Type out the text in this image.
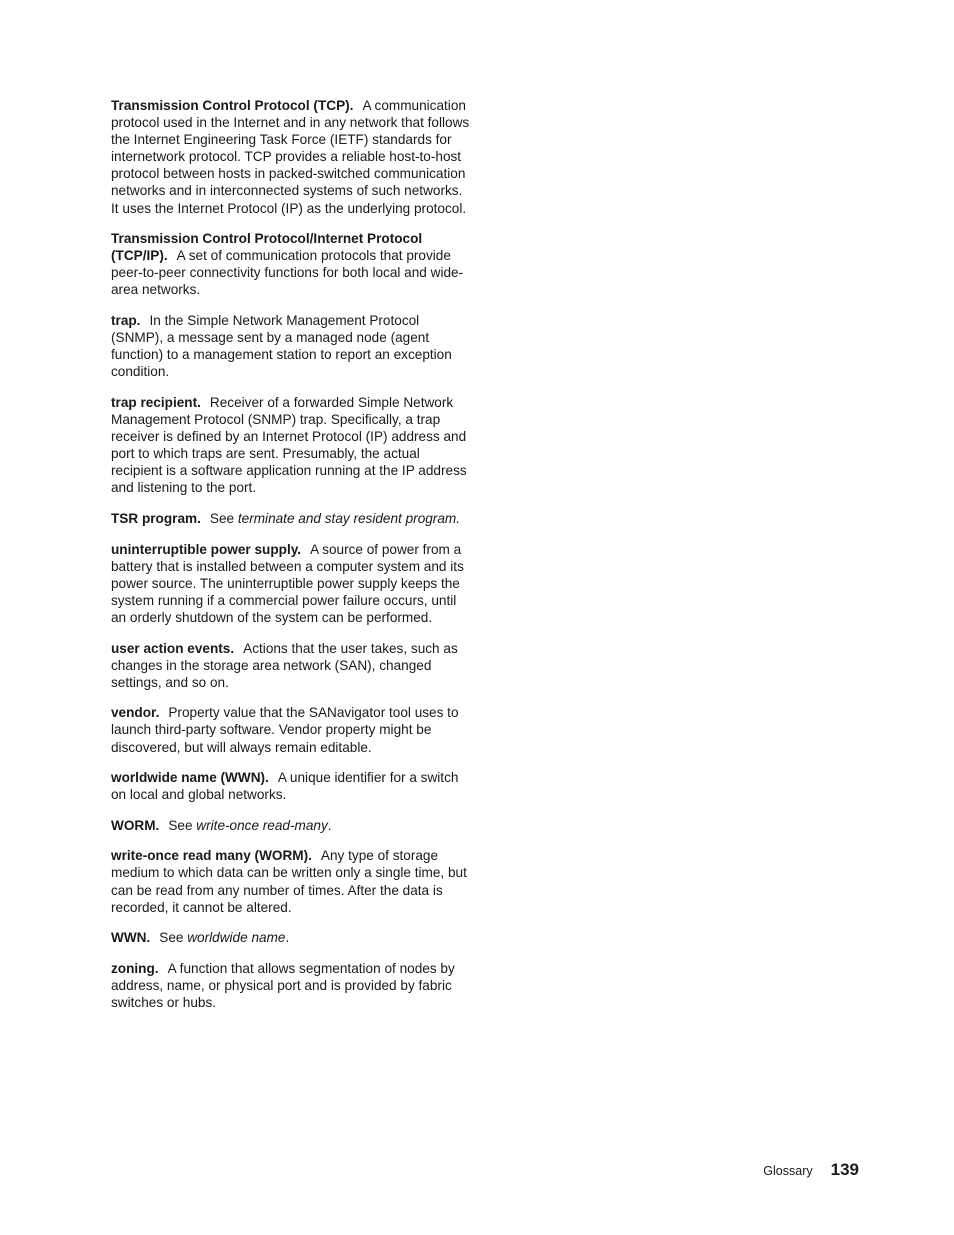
Transmission Control Protocol (TCP). A communication protocol used in the Internet and in any network that follows the Internet Engineering Task Force (IETF) standards for internetwork protocol. TCP provides a reliable host-to-host protocol between hosts in packed-switched communication networks and in interconnected systems of such networks. It uses the Internet Protocol (IP) as the underlying protocol.

Transmission Control Protocol/Internet Protocol (TCP/IP). A set of communication protocols that provide peer-to-peer connectivity functions for both local and wide-area networks.

trap. In the Simple Network Management Protocol (SNMP), a message sent by a managed node (agent function) to a management station to report an exception condition.

trap recipient. Receiver of a forwarded Simple Network Management Protocol (SNMP) trap. Specifically, a trap receiver is defined by an Internet Protocol (IP) address and port to which traps are sent. Presumably, the actual recipient is a software application running at the IP address and listening to the port.

TSR program. See terminate and stay resident program.

uninterruptible power supply. A source of power from a battery that is installed between a computer system and its power source. The uninterruptible power supply keeps the system running if a commercial power failure occurs, until an orderly shutdown of the system can be performed.

user action events. Actions that the user takes, such as changes in the storage area network (SAN), changed settings, and so on.

vendor. Property value that the SANavigator tool uses to launch third-party software. Vendor property might be discovered, but will always remain editable.

worldwide name (WWN). A unique identifier for a switch on local and global networks.

WORM. See write-once read-many.

write-once read many (WORM). Any type of storage medium to which data can be written only a single time, but can be read from any number of times. After the data is recorded, it cannot be altered.

WWN. See worldwide name.

zoning. A function that allows segmentation of nodes by address, name, or physical port and is provided by fabric switches or hubs.

Glossary 139
